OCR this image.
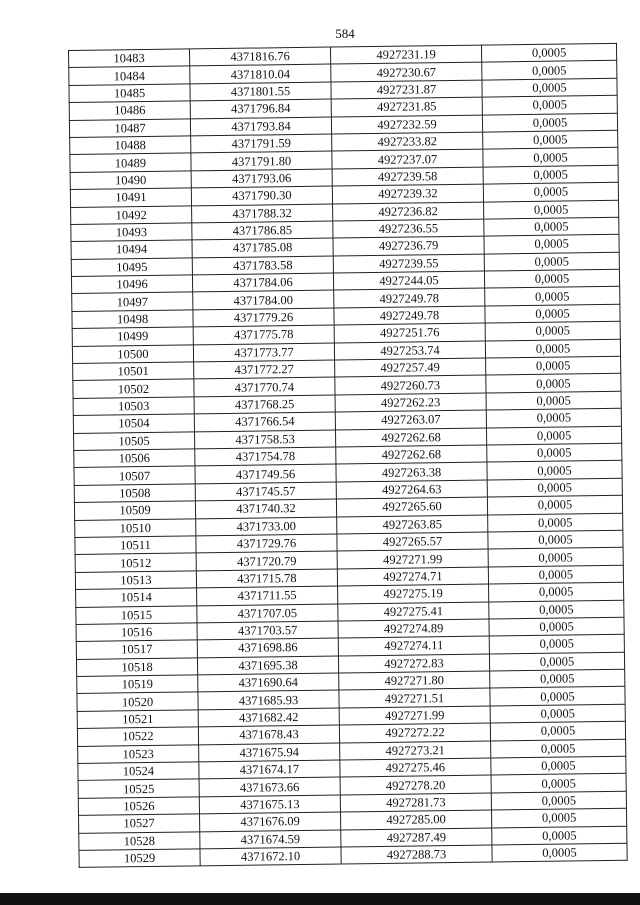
584
10483	4371816.76	4927231.19	0,0005
10484	4371810.04	4927230.67	0,0005
10485	4371801.55	4927231.87	0,0005
10486	4371796.84	4927231.85	0,0005
10487	4371793.84	4927232.59	0,0005
10488	4371791.59	4927233.82	0,0005
10489	4371791.80	4927237.07	0,0005
10490	4371793.06	4927239.58	0,0005
10491	4371790.30	4927239.32	0,0005
10492	4371788.32	4927236.82	0,0005
10493	4371786.85	4927236.55	0,0005
10494	4371785.08	4927236.79	0,0005
10495	4371783.58	4927239.55	0,0005
10496	4371784.06	4927244.05	0,0005
10497	4371784.00	4927249.78	0,0005
10498	4371779.26	4927249.78	0,0005
10499	4371775.78	4927251.76	0,0005
10500	4371773.77	4927253.74	0,0005
10501	4371772.27	4927257.49	0,0005
10502	4371770.74	4927260.73	0,0005
10503	4371768.25	4927262.23	0,0005
10504	4371766.54	4927263.07	0,0005
10505	4371758.53	4927262.68	0,0005
10506	4371754.78	4927262.68	0,0005
10507	4371749.56	4927263.38	0,0005
10508	4371745.57	4927264.63	0,0005
10509	4371740.32	4927265.60	0,0005
10510	4371733.00	4927263.85	0,0005
10511	4371729.76	4927265.57	0,0005
10512	4371720.79	4927271.99	0,0005
10513	4371715.78	4927274.71	0,0005
10514	4371711.55	4927275.19	0,0005
10515	4371707.05	4927275.41	0,0005
10516	4371703.57	4927274.89	0,0005
10517	4371698.86	4927274.11	0,0005
10518	4371695.38	4927272.83	0,0005
10519	4371690.64	4927271.80	0,0005
10520	4371685.93	4927271.51	0,0005
10521	4371682.42	4927271.99	0,0005
10522	4371678.43	4927272.22	0,0005
10523	4371675.94	4927273.21	0,0005
10524	4371674.17	4927275.46	0,0005
10525	4371673.66	4927278.20	0,0005
10526	4371675.13	4927281.73	0,0005
10527	4371676.09	4927285.00	0,0005
10528	4371674.59	4927287.49	0,0005
10529	4371672.10	4927288.73	0,0005
